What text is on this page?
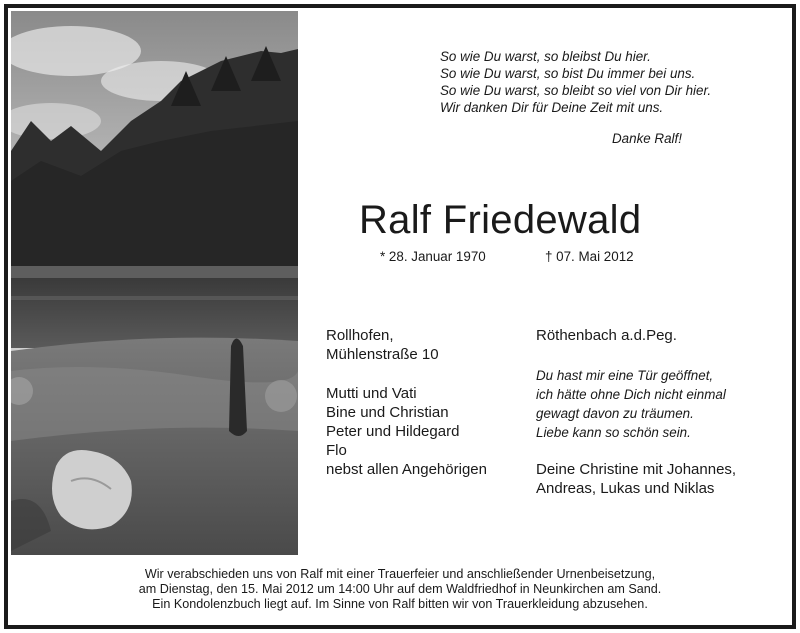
So wie Du warst, so bleibst Du hier.
So wie Du warst, so bist Du immer bei uns.
So wie Du warst, so bleibt so viel von Dir hier.
Wir danken Dir für Deine Zeit mit uns.
Danke Ralf!
Ralf Friedewald
* 28. Januar 1970	† 07. Mai 2012
Rollhofen,
Mühlenstraße 10
Mutti und Vati
Bine und Christian
Peter und Hildegard
Flo
nebst allen Angehörigen
Röthenbach a.d.Peg.
Du hast mir eine Tür geöffnet,
ich hätte ohne Dich nicht einmal
gewagt davon zu träumen.
Liebe kann so schön sein.
Deine Christine mit Johannes,
Andreas, Lukas und Niklas
Wir verabschieden uns von Ralf mit einer Trauerfeier und anschließender Urnenbeisetzung,
am Dienstag, den 15. Mai 2012 um 14:00 Uhr auf dem Waldfriedhof in Neunkirchen am Sand.
Ein Kondolenzbuch liegt auf. Im Sinne von Ralf bitten wir von Trauerkleidung abzusehen.
